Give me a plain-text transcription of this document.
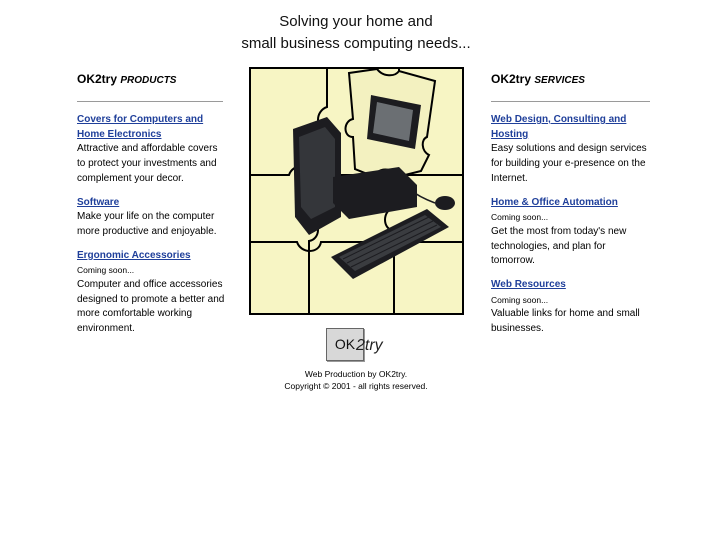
Solving your home and
small business computing needs...
OK2try PRODUCTS
Covers for Computers and Home Electronics
Attractive and affordable covers to protect your investments and complement your decor.
Software
Make your life on the computer more productive and enjoyable.
Ergonomic Accessories
Coming soon...
Computer and office accessories designed to promote a better and more comfortable working environment.
OK2try SERVICES
Web Design, Consulting and Hosting
Easy solutions and design services for building your e-presence on the Internet.
Home & Office Automation
Coming soon...
Get the most from today's new technologies, and plan for tomorrow.
Web Resources
Coming soon...
Valuable links for home and small businesses.
OK 2try
Web Production by OK2try.
Copyright © 2001 - all rights reserved.
